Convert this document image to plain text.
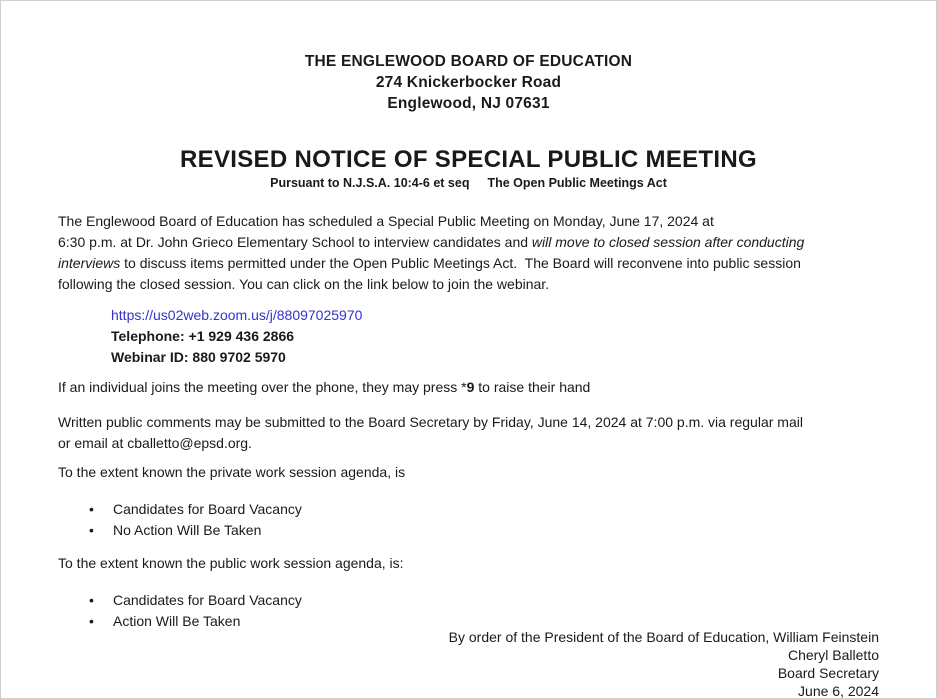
THE ENGLEWOOD BOARD OF EDUCATION
274 Knickerbocker Road
Englewood, NJ 07631
REVISED NOTICE OF SPECIAL PUBLIC MEETING
Pursuant to N.J.S.A. 10:4-6 et seq The Open Public Meetings Act
The Englewood Board of Education has scheduled a Special Public Meeting on Monday, June 17, 2024 at
6:30 p.m. at Dr. John Grieco Elementary School to interview candidates and will move to closed session after conducting
interviews to discuss items permitted under the Open Public Meetings Act.  The Board will reconvene into public session
following the closed session. You can click on the link below to join the webinar.
https://us02web.zoom.us/j/88097025970
Telephone: +1 929 436 2866
Webinar ID: 880 9702 5970
If an individual joins the meeting over the phone, they may press *9 to raise their hand
Written public comments may be submitted to the Board Secretary by Friday, June 14, 2024 at 7:00 p.m. via regular mail
or email at cballetto@epsd.org.
To the extent known the private work session agenda, is
• Candidates for Board Vacancy
• No Action Will Be Taken
To the extent known the public work session agenda, is:
• Candidates for Board Vacancy
• Action Will Be Taken
By order of the President of the Board of Education, William Feinstein
Cheryl Balletto
Board Secretary
June 6, 2024
